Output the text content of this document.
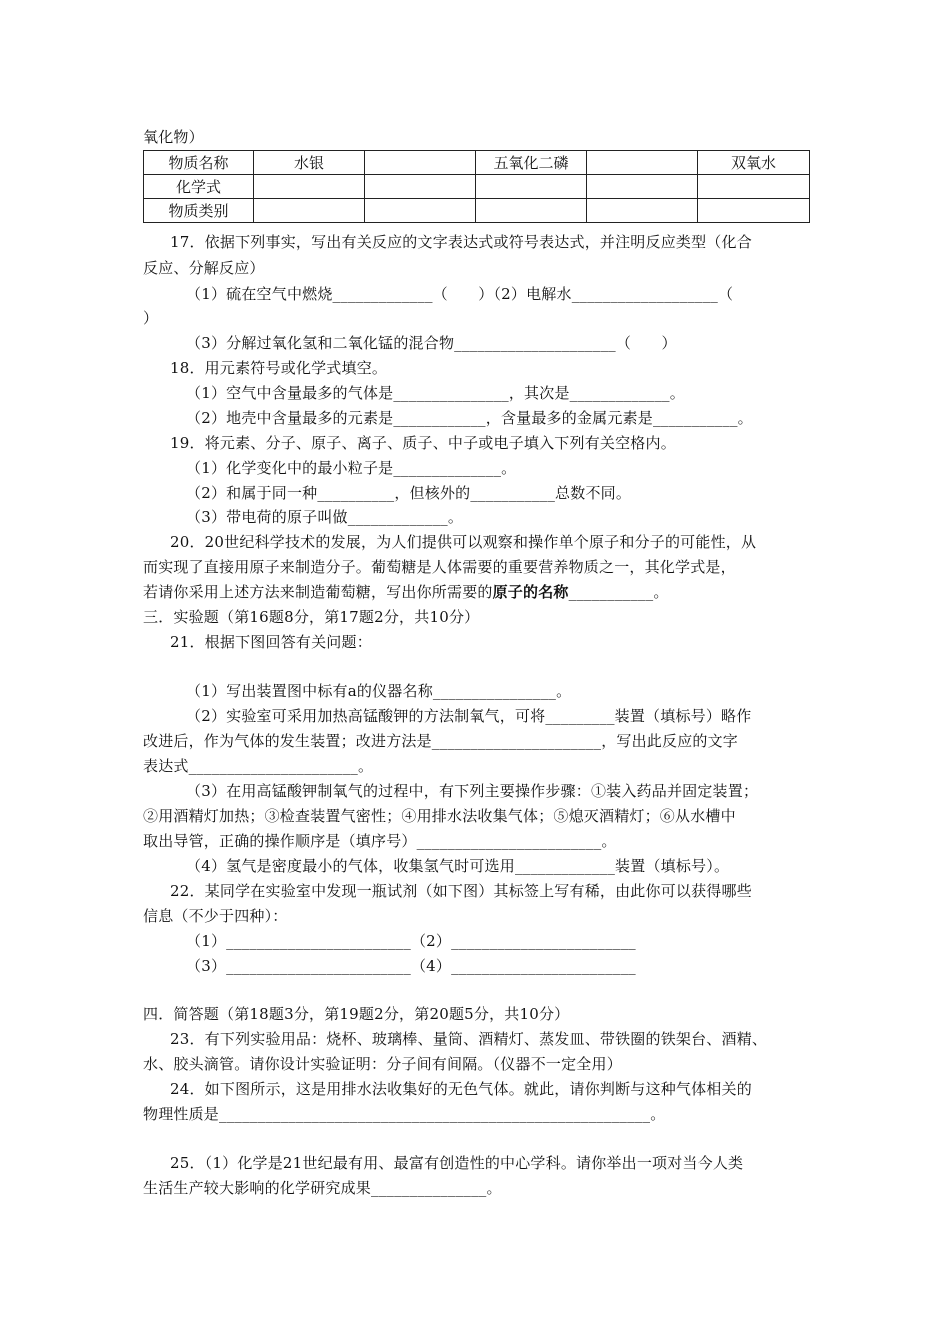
氧化物）
物质名称	水银		五氧化二磷		双氧水
化学式					
物质类别					
17．依据下列事实，写出有关反应的文字表达式或符号表达式，并注明反应类型（化合
反应、分解反应）
（1）硫在空气中燃烧_____________（　　）（2）电解水___________________（
）
（3）分解过氧化氢和二氧化锰的混合物_____________________（　　）
18．用元素符号或化学式填空。
（1）空气中含量最多的气体是_______________，其次是_____________。
（2）地壳中含量最多的元素是____________，含量最多的金属元素是___________。
19．将元素、分子、原子、离子、质子、中子或电子填入下列有关空格内。
（1）化学变化中的最小粒子是______________。
（2）和属于同一种__________，但核外的___________总数不同。
（3）带电荷的原子叫做_____________。
20．20世纪科学技术的发展，为人们提供可以观察和操作单个原子和分子的可能性，从
而实现了直接用原子来制造分子。葡萄糖是人体需要的重要营养物质之一，其化学式是，
若请你采用上述方法来制造葡萄糖，写出你所需要的原子的名称___________。
三．实验题（第16题8分，第17题2分，共10分）
21．根据下图回答有关问题：
（1）写出装置图中标有a的仪器名称________________。
（2）实验室可采用加热高锰酸钾的方法制氧气，可将_________装置（填标号）略作
改进后，作为气体的发生装置；改进方法是______________________，写出此反应的文字
表达式______________________。
（3）在用高锰酸钾制氧气的过程中，有下列主要操作步骤：①装入药品并固定装置；
②用酒精灯加热；③检查装置气密性；④用排水法收集气体；⑤熄灭酒精灯；⑥从水槽中
取出导管，正确的操作顺序是（填序号）________________________。
（4）氢气是密度最小的气体，收集氢气时可选用_____________装置（填标号）。
22．某同学在实验室中发现一瓶试剂（如下图）其标签上写有稀，由此你可以获得哪些
信息（不少于四种）：
（1）________________________（2）________________________
（3）________________________（4）________________________
四．简答题（第18题3分，第19题2分，第20题5分，共10分）
23．有下列实验用品：烧杯、玻璃棒、量筒、酒精灯、蒸发皿、带铁圈的铁架台、酒精、
水、胶头滴管。请你设计实验证明：分子间有间隔。（仪器不一定全用）
24．如下图所示，这是用排水法收集好的无色气体。就此，请你判断与这种气体相关的
物理性质是________________________________________________________。
25．（1）化学是21世纪最有用、最富有创造性的中心学科。请你举出一项对当今人类
生活生产较大影响的化学研究成果_______________。
